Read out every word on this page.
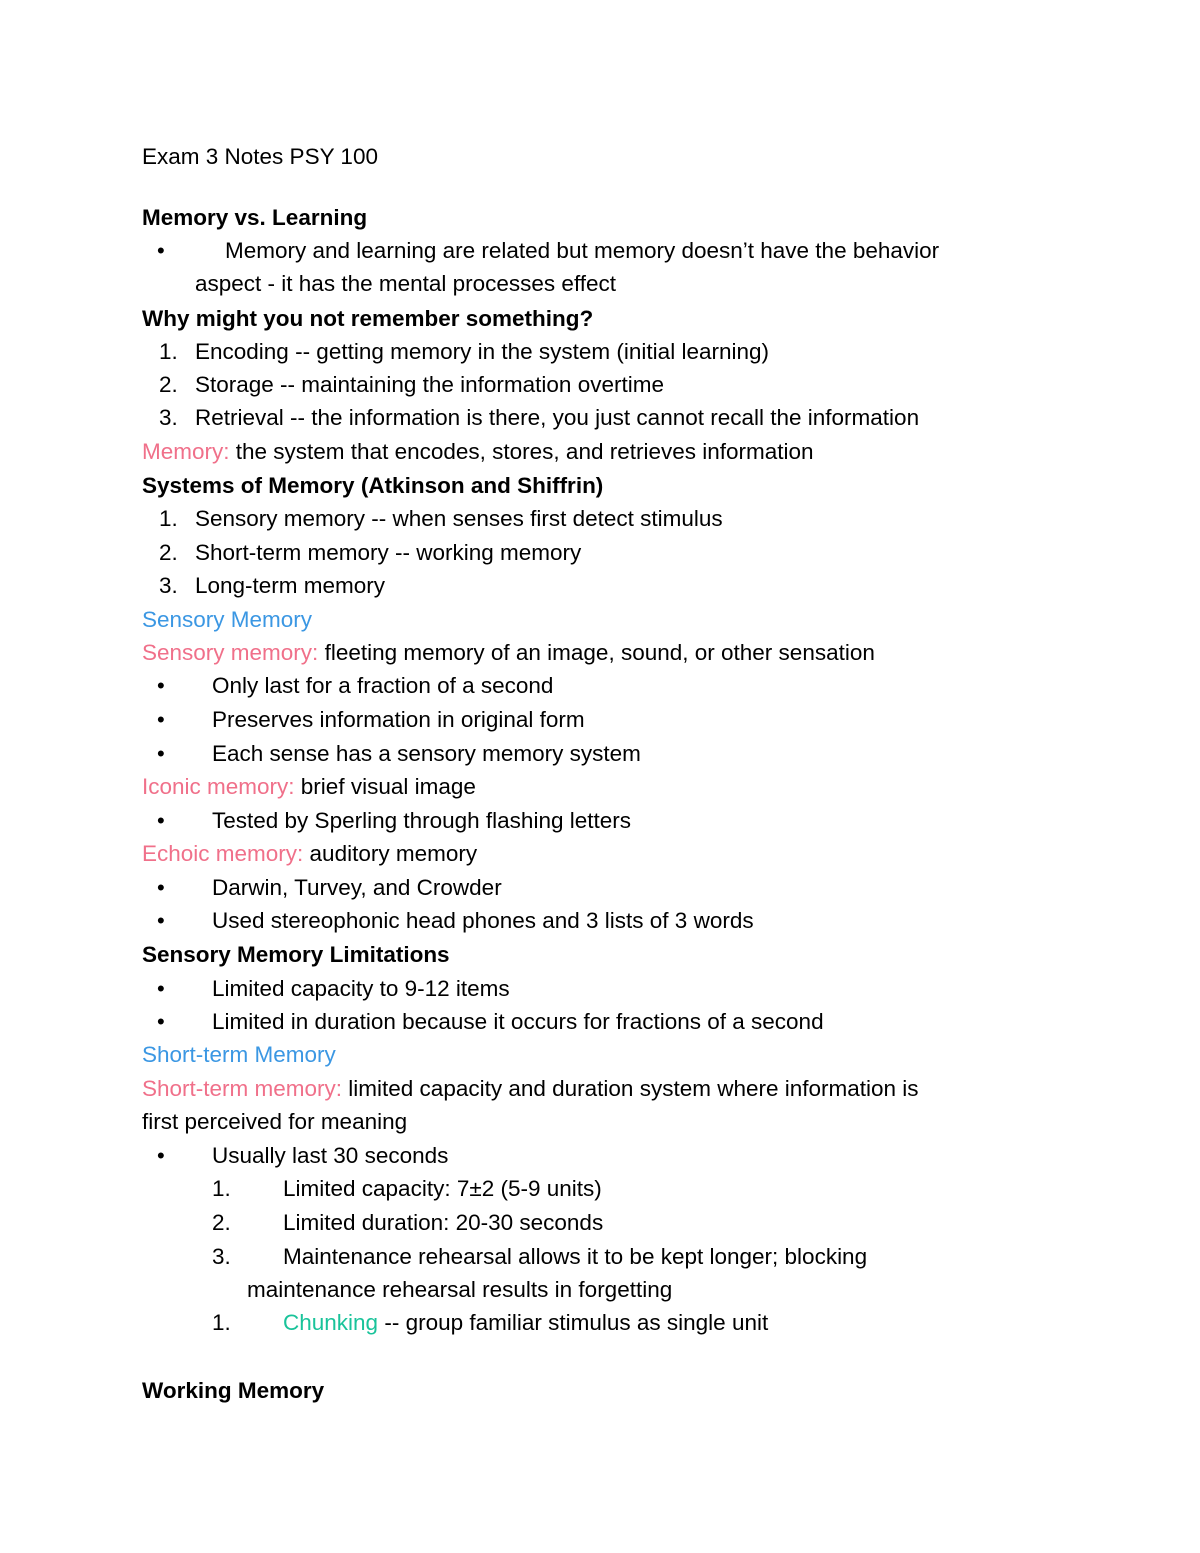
Exam 3 Notes PSY 100
Memory vs. Learning
•	Memory and learning are related but memory doesn’t have the behavior
aspect - it has the mental processes effect
Why might you not remember something?
1. Encoding -- getting memory in the system (initial learning)
2. Storage -- maintaining the information overtime
3. Retrieval -- the information is there, you just cannot recall the information
Memory: the system that encodes, stores, and retrieves information
Systems of Memory (Atkinson and Shiffrin)
1. Sensory memory -- when senses first detect stimulus
2. Short-term memory -- working memory
3. Long-term memory
Sensory Memory
Sensory memory: fleeting memory of an image, sound, or other sensation
• Only last for a fraction of a second
• Preserves information in original form
• Each sense has a sensory memory system
Iconic memory: brief visual image
• Tested by Sperling through flashing letters
Echoic memory: auditory memory
• Darwin, Turvey, and Crowder
• Used stereophonic head phones and 3 lists of 3 words
Sensory Memory Limitations
• Limited capacity to 9-12 items
• Limited in duration because it occurs for fractions of a second
Short-term Memory
Short-term memory: limited capacity and duration system where information is
first perceived for meaning
• Usually last 30 seconds
1. Limited capacity: 7±2 (5-9 units)
2. Limited duration: 20-30 seconds
3. Maintenance rehearsal allows it to be kept longer; blocking
maintenance rehearsal results in forgetting
1. Chunking -- group familiar stimulus as single unit
Working Memory
